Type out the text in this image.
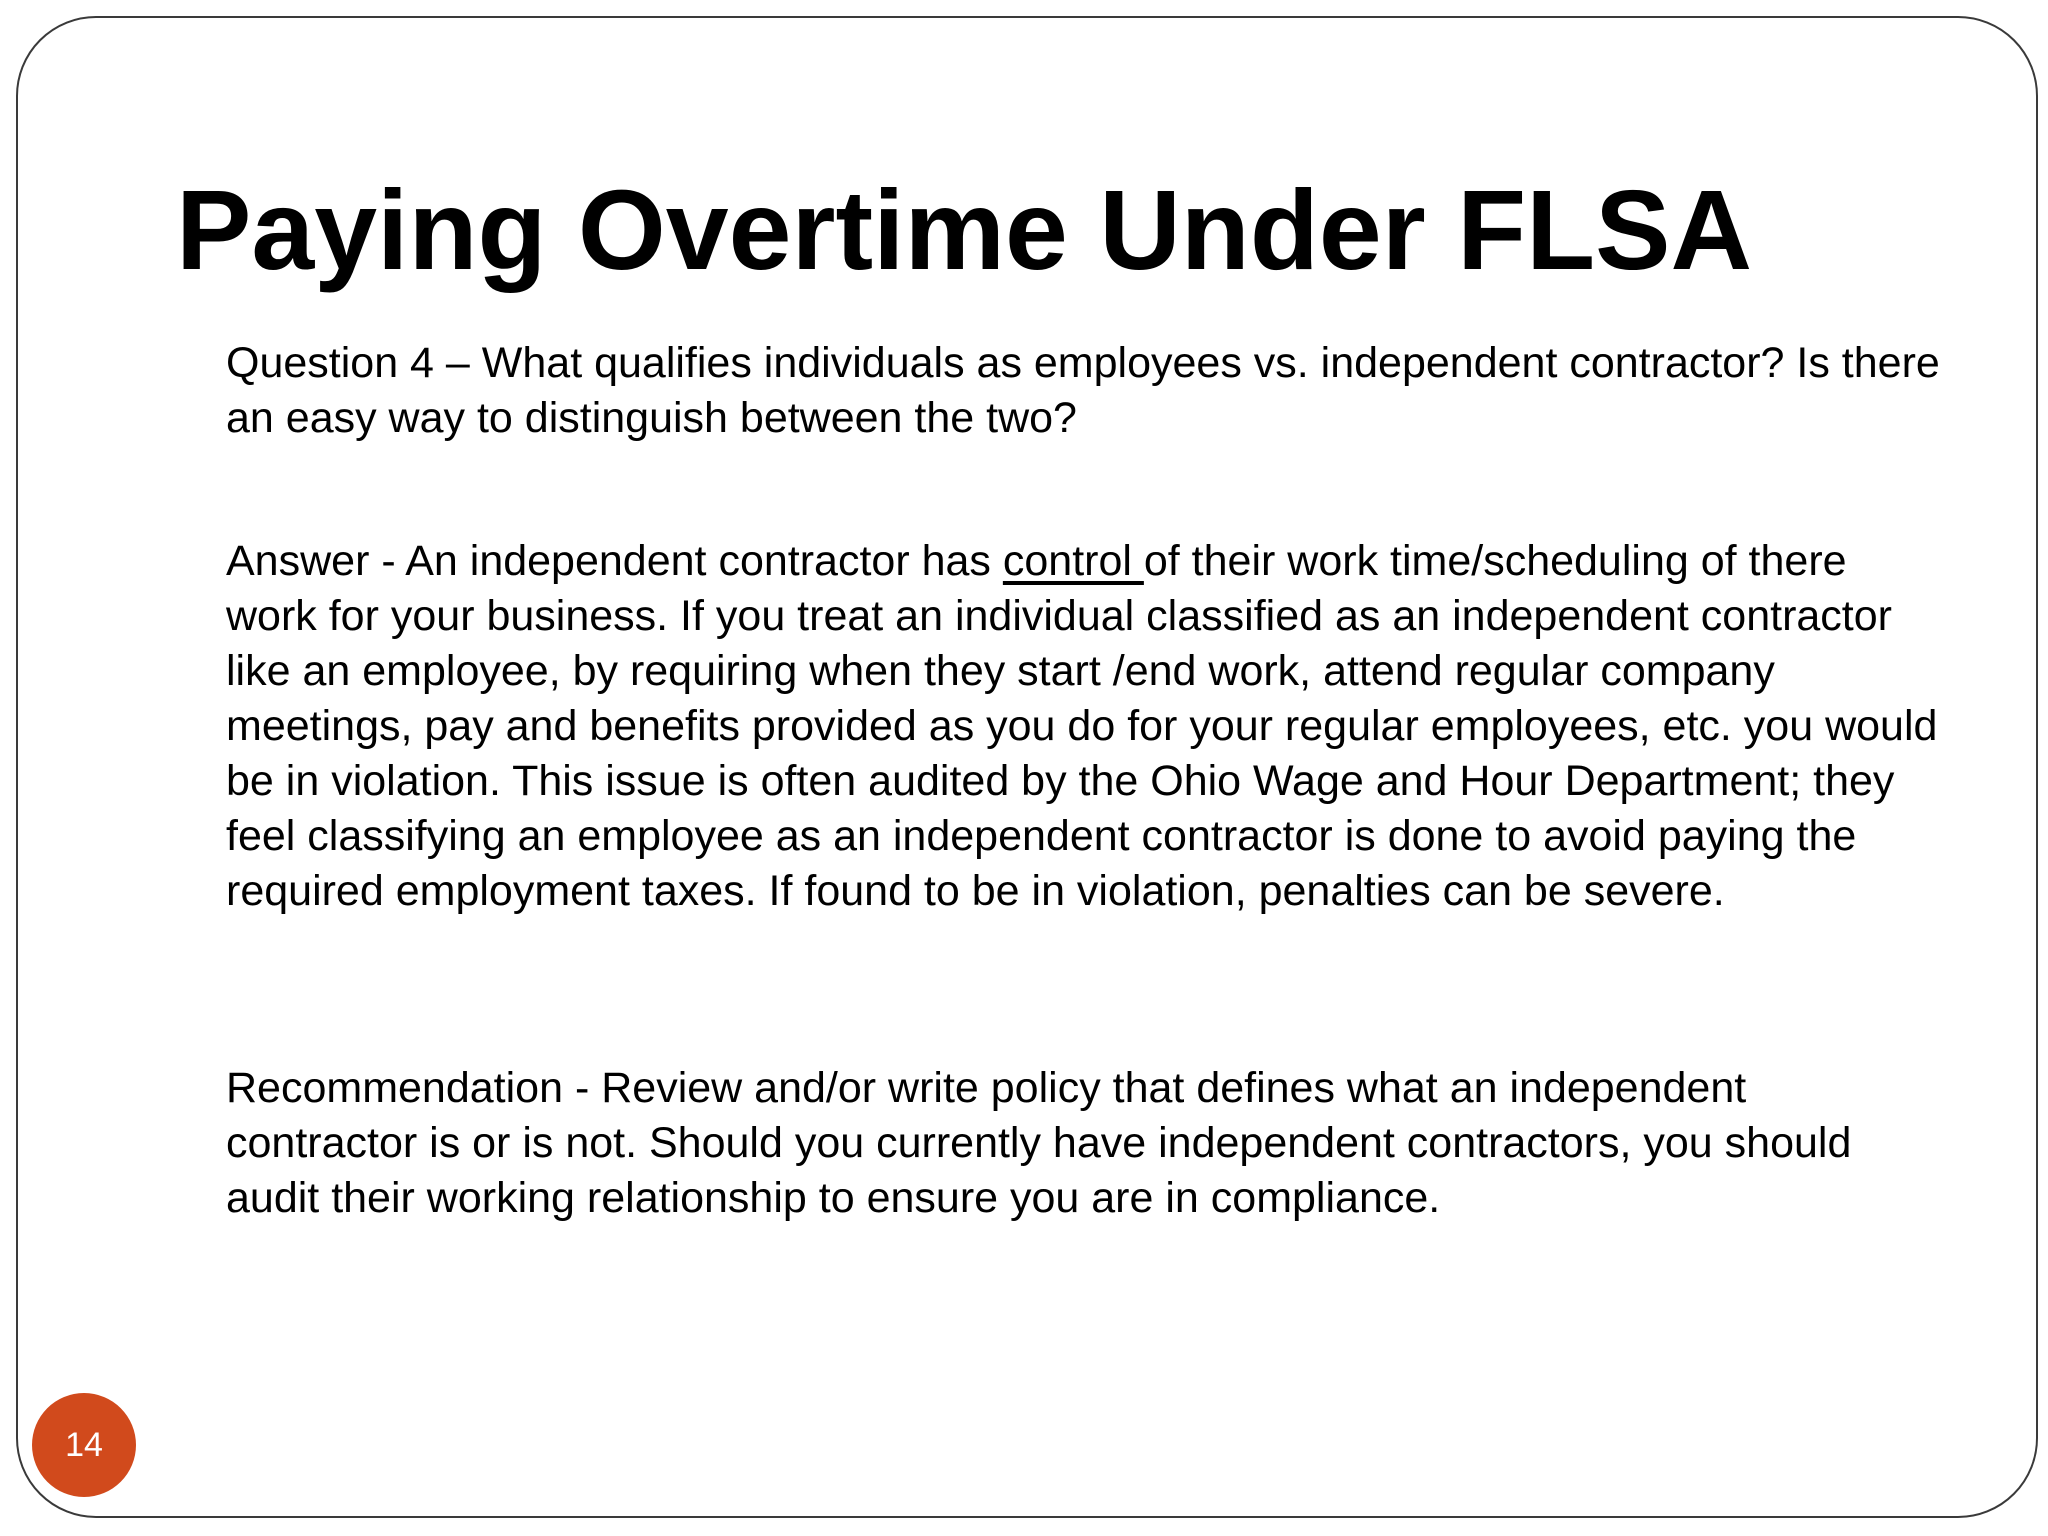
Paying Overtime Under FLSA

Question 4 – What qualifies individuals as employees vs. independent contractor? Is there an easy way to distinguish between the two?

Answer - An independent contractor has control of their work time/scheduling of there work for your business. If you treat an individual classified as an independent contractor like an employee, by requiring when they start /end work, attend regular company meetings, pay and benefits provided as you do for your regular employees, etc. you would be in violation. This issue is often audited by the Ohio Wage and Hour Department; they feel classifying an employee as an independent contractor is done to avoid paying the required employment taxes. If found to be in violation, penalties can be severe.

Recommendation - Review and/or write policy that defines what an independent contractor is or is not. Should you currently have independent contractors, you should audit their working relationship to ensure you are in compliance.

14
